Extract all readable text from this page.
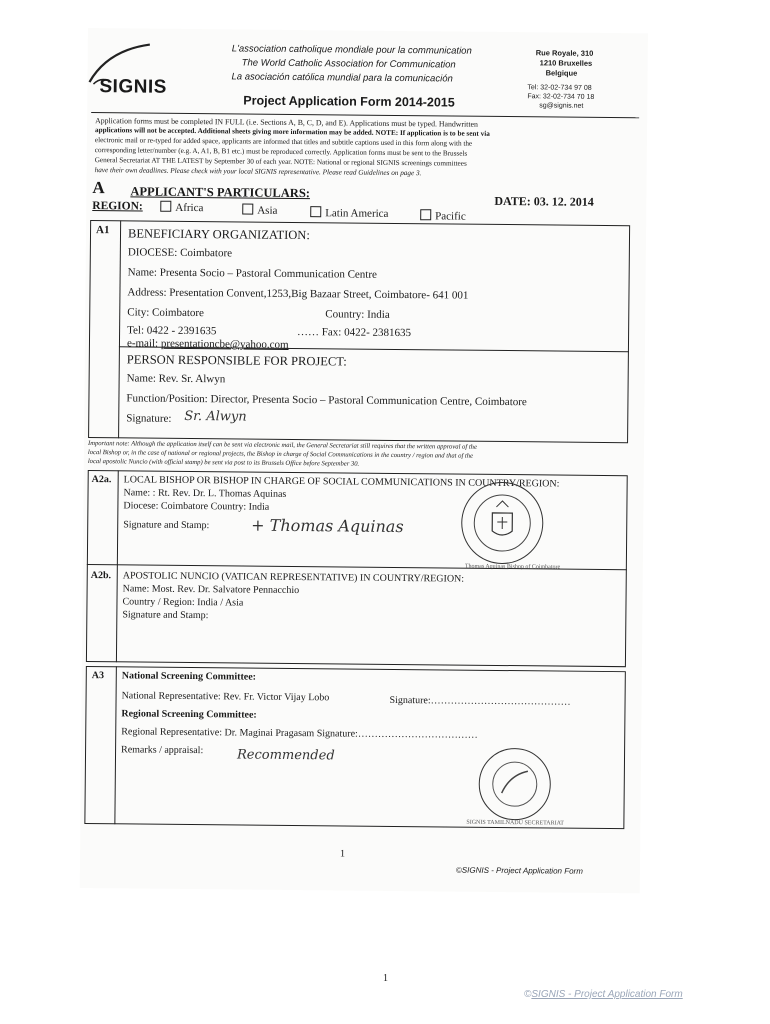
SIGNIS
L'association catholique mondiale pour la communication
The World Catholic Association for Communication
La asociación católica mundial para la comunicación
Project Application Form 2014-2015
Rue Royale, 310
1210 Bruxelles
Belgique
Tel: 32-02-734 97 08
Fax: 32-02-734 70 18
sg@signis.net
Application forms must be completed IN FULL (i.e. Sections A, B, C, D, and E). Applications must be typed. Handwritten
applications will not be accepted. Additional sheets giving more information may be added. NOTE: If application is to be sent via
electronic mail or re-typed for added space, applicants are informed that titles and subtitle captions used in this form along with the
corresponding letter/number (e.g. A, A1, B, B1 etc.) must be reproduced correctly. Application forms must be sent to the Brussels
General Secretariat AT THE LATEST by September 30 of each year. NOTE: National or regional SIGNIS screenings committees
have their own deadlines. Please check with your local SIGNIS representative. Please read Guidelines on page 3.
A APPLICANT'S PARTICULARS:
DATE: 03. 12. 2014
REGION:	Africa	Asia	Latin America	Pacific
A1 BENEFICIARY ORGANIZATION:
DIOCESE: Coimbatore
Name: Presenta Socio – Pastoral Communication Centre
Address: Presentation Convent,1253,Big Bazaar Street, Coimbatore- 641 001
City: Coimbatore	Country: India
Tel: 0422 - 2391635	…… Fax: 0422- 2381635
e-mail: presentationcbe@yahoo.com
PERSON RESPONSIBLE FOR PROJECT:
Name: Rev. Sr. Alwyn
Function/Position: Director, Presenta Socio – Pastoral Communication Centre, Coimbatore
Signature: Sr. Alwyn
Important note: Although the application itself can be sent via electronic mail, the General Secretariat still requires that the written approval of the
local Bishop or, in the case of national or regional projects, the Bishop in charge of Social Communications in the country / region and that of the
local apostolic Nuncio (with official stamp) be sent via post to its Brussels Office before September 30.
A2a. LOCAL BISHOP OR BISHOP IN CHARGE OF SOCIAL COMMUNICATIONS IN COUNTRY/REGION:
Name: : Rt. Rev. Dr. L. Thomas Aquinas
Diocese: Coimbatore Country: India
Signature and Stamp:	+ Thomas Aquinas
Thomas Aquinas Bishop of Coimbatore
A2b. APOSTOLIC NUNCIO (VATICAN REPRESENTATIVE) IN COUNTRY/REGION:
Name: Most. Rev. Dr. Salvatore Pennacchio
Country / Region: India / Asia
Signature and Stamp:
A3 National Screening Committee:
National Representative: Rev. Fr. Victor Vijay Lobo	Signature:……………………………………
Regional Screening Committee:
Regional Representative: Dr. Maginai Pragasam Signature:………………………………
Remarks / appraisal:	Recommended
SIGNIS TAMILNADU SECRETARIAT
1
©SIGNIS - Project Application Form
1
©SIGNIS - Project Application Form
